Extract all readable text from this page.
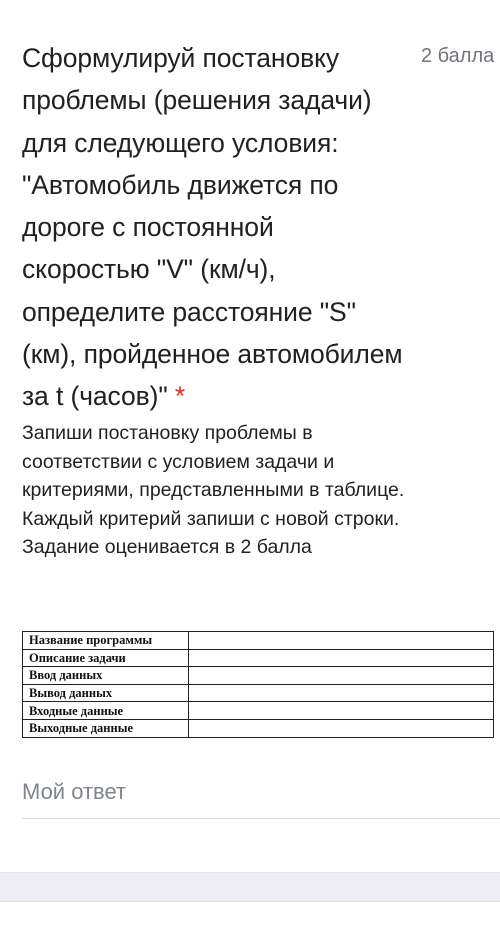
Сформулируй постановку проблемы (решения задачи) для следующего условия: "Автомобиль движется по дороге с постоянной скоростью "V" (км/ч), определите расстояние "S" (км), пройденное автомобилем за t (часов)" *
2 балла
Запиши постановку проблемы в соответствии с условием задачи и критериями, представленными в таблице. Каждый критерий запиши с новой строки. Задание оценивается в 2 балла
Название программы	
Описание задачи	
Ввод данных	
Вывод данных	
Входные данные	
Выходные данные	
Мой ответ
